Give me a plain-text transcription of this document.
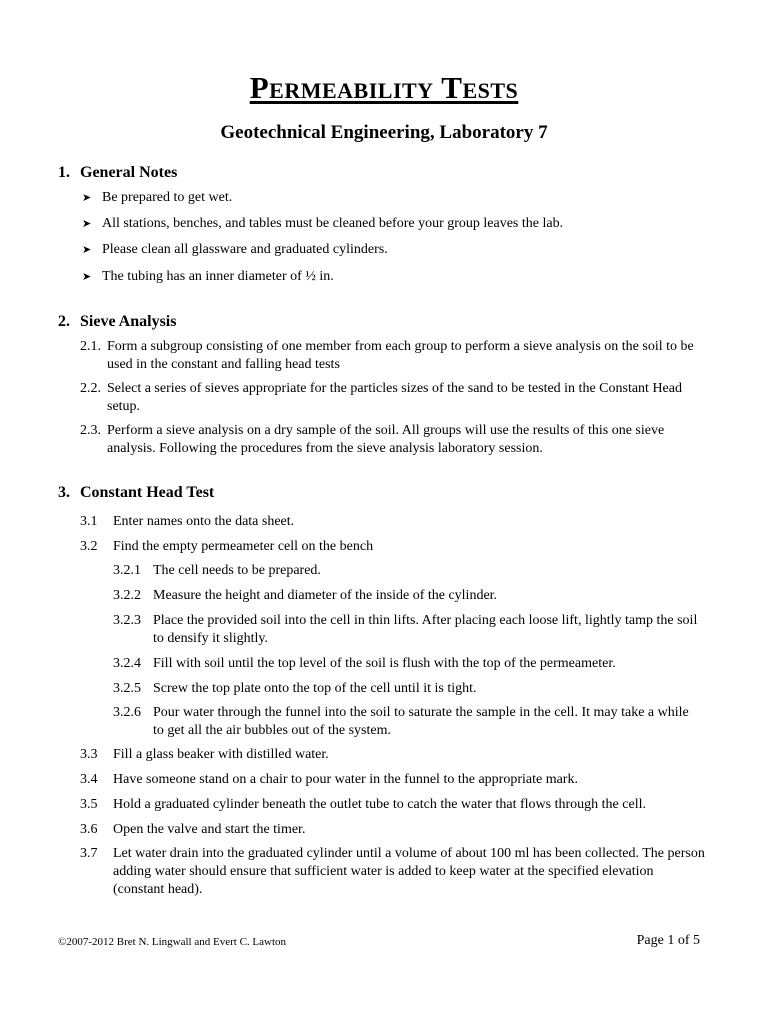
Permeability Tests
Geotechnical Engineering, Laboratory 7
1. General Notes
➤ Be prepared to get wet.
➤ All stations, benches, and tables must be cleaned before your group leaves the lab.
➤ Please clean all glassware and graduated cylinders.
➤ The tubing has an inner diameter of ½ in.
2. Sieve Analysis
2.1. Form a subgroup consisting of one member from each group to perform a sieve analysis on the soil to be used in the constant and falling head tests
2.2. Select a series of sieves appropriate for the particles sizes of the sand to be tested in the Constant Head setup.
2.3. Perform a sieve analysis on a dry sample of the soil. All groups will use the results of this one sieve analysis. Following the procedures from the sieve analysis laboratory session.
3. Constant Head Test
3.1	Enter names onto the data sheet.
3.2	Find the empty permeameter cell on the bench
3.2.1 The cell needs to be prepared.
3.2.2 Measure the height and diameter of the inside of the cylinder.
3.2.3 Place the provided soil into the cell in thin lifts. After placing each loose lift, lightly tamp the soil to densify it slightly.
3.2.4 Fill with soil until the top level of the soil is flush with the top of the permeameter.
3.2.5 Screw the top plate onto the top of the cell until it is tight.
3.2.6 Pour water through the funnel into the soil to saturate the sample in the cell. It may take a while to get all the air bubbles out of the system.
3.3	Fill a glass beaker with distilled water.
3.4	Have someone stand on a chair to pour water in the funnel to the appropriate mark.
3.5	Hold a graduated cylinder beneath the outlet tube to catch the water that flows through the cell.
3.6	Open the valve and start the timer.
3.7	Let water drain into the graduated cylinder until a volume of about 100 ml has been collected. The person adding water should ensure that sufficient water is added to keep water at the specified elevation (constant head).
©2007-2012 Bret N. Lingwall and Evert C. Lawton	Page 1 of 5
